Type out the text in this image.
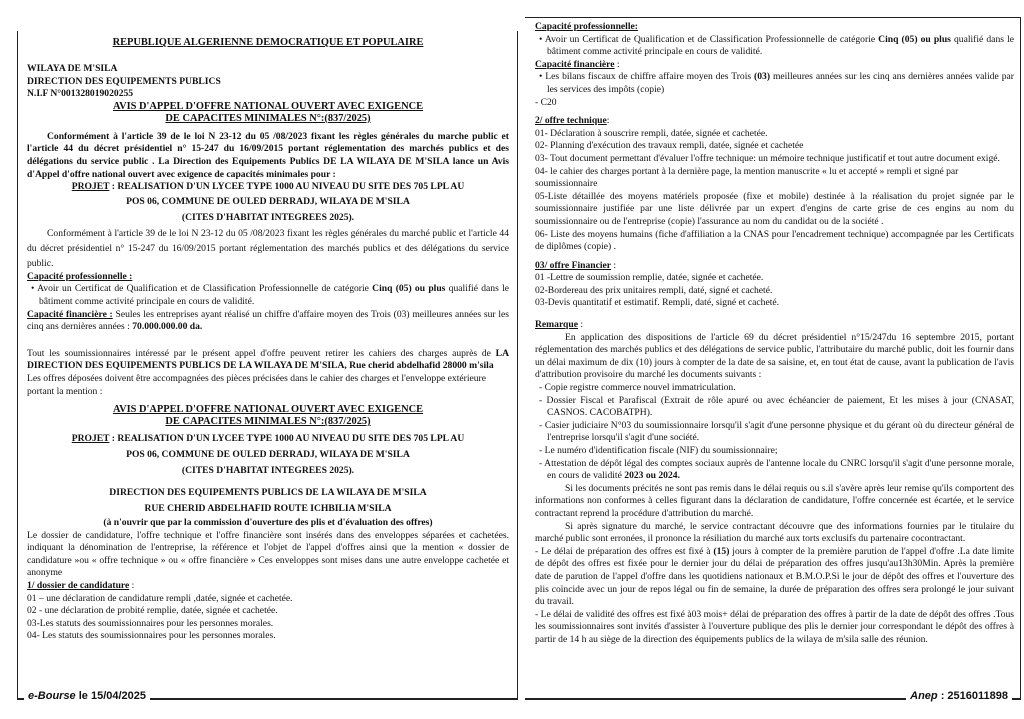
REPUBLIQUE ALGERIENNE DEMOCRATIQUE ET POPULAIRE

WILAYA DE M'SILA

DIRECTION DES EQUIPEMENTS PUBLICS

N.I.F N°001328019020255

AVIS D'APPEL D'OFFRE NATIONAL OUVERT AVEC EXIGENCE

DE CAPACITES MINIMALES N°:(837/2025)

Conformément à l'article 39 de le loi N 23-12 du 05 /08/2023 fixant les règles générales du marche public et l'article 44 du décret présidentiel n° 15-247 du 16/09/2015 portant réglementation des marchés publics et des délégations du service public . La Direction des Equipements Publics DE LA WILAYA DE M'SILA lance un Avis d'Appel d'offre national ouvert avec exigence de capacités minimales pour :

PROJET : REALISATION D'UN LYCEE TYPE 1000 AU NIVEAU DU SITE DES 705 LPL AU

POS 06, COMMUNE DE OULED DERRADJ, WILAYA DE M'SILA

(CITES D'HABITAT INTEGREES 2025).

Conformément à l'article 39 de le loi N 23-12 du 05 /08/2023 fixant les règles générales du marché public et l'article 44 du décret présidentiel n° 15-247 du 16/09/2015 portant réglementation des marchés publics et des délégations du service public.

Capacité professionnelle :

• Avoir un Certificat de Qualification et de Classification Professionnelle de catégorie Cinq (05) ou plus qualifié dans le bâtiment comme activité principale en cours de validité.

Capacité financière : Seules les entreprises ayant réalisé un chiffre d'affaire moyen des Trois (03) meilleures années sur les cinq ans dernières années : 70.000.000.00 da.

Tout les soumissionnaires intéressé par le présent appel d'offre peuvent retirer les cahiers des charges auprès de LA DIRECTION DES EQUIPEMENTS PUBLICS DE LA WILAYA DE M'SILA, Rue cherid abdelhafid 28000 m'sila

Les offres déposées doivent être accompagnées des pièces précisées dans le cahier des charges et l'enveloppe extérieure portant la mention :

AVIS D'APPEL D'OFFRE NATIONAL OUVERT AVEC EXIGENCE

DE CAPACITES MINIMALES N°:(837/2025)

PROJET : REALISATION D'UN LYCEE TYPE 1000 AU NIVEAU DU SITE DES 705 LPL AU

POS 06, COMMUNE DE OULED DERRADJ, WILAYA DE M'SILA

(CITES D'HABITAT INTEGREES 2025).

DIRECTION DES EQUIPEMENTS PUBLICS DE LA WILAYA DE M'SILA

RUE CHERID ABDELHAFID ROUTE ICHBILIA M'SILA

(à n'ouvrir que par la commission d'ouverture des plis et d'évaluation des offres)

Le dossier de candidature, l'offre technique et l'offre financière sont insérés dans des enveloppes séparées et cachetées. indiquant la dénomination de l'entreprise, la référence et l'objet de l'appel d'offres ainsi que la mention « dossier de candidature »ou « offre technique » ou « offre financière » Ces enveloppes sont mises dans une autre enveloppe cachetée et anonyme

1/ dossier de candidature :

01 – une déclaration de candidature rempli ,datée, signée et cachetée.

02 - une déclaration de probité remplie, datée, signée et cachetée.

03-Les statuts des soumissionnaires pour les personnes morales.

04- Les statuts des soumissionnaires pour les personnes morales.

Capacité professionnelle:

• Avoir un Certificat de Qualification et de Classification Professionnelle de catégorie Cinq (05) ou plus qualifié dans le bâtiment comme activité principale en cours de validité.

Capacité financière :

• Les bilans fiscaux de chiffre affaire moyen des Trois (03) meilleures années sur les cinq ans dernières années valide par les services des impôts (copie)

- C20

2/ offre technique:

01- Déclaration à souscrire rempli, datée, signée et cachetée.

02- Planning d'exécution des travaux rempli, datée, signée et cachetée

03- Tout document permettant d'évaluer l'offre technique: un mémoire technique justificatif et tout autre document exigé.

04- le cahier des charges portant à la dernière page, la mention manuscrite « lu et accepté » rempli et signé par soumissionnaire

05-Liste détaillée des moyens matériels proposée (fixe et mobile) destinée à la réalisation du projet signée par le soumissionnaire justifiée par une liste délivrée par un expert d'engins de carte grise de ces engins au nom du soumissionnaire ou de l'entreprise (copie) l'assurance au nom du candidat ou de la société .

06- Liste des moyens humains (fiche d'affiliation a la CNAS pour l'encadrement technique) accompagnée par les Certificats de diplômes (copie) .

03/ offre Financier :

01 -Lettre de soumission remplie, datée, signée et cachetée.

02-Bordereau des prix unitaires rempli, daté, signé et cacheté.

03-Devis quantitatif et estimatif. Rempli, daté, signé et cacheté.

Remarque :

En application des dispositions de l'article 69 du décret présidentiel n°15/247du 16 septembre 2015, portant réglementation des marchés publics et des délégations de service public, l'attributaire du marché public, doit les fournir dans un délai maximum de dix (10) jours à compter de la date de sa saisine, et, en tout état de cause, avant la publication de l'avis d'attribution provisoire du marché les documents suivants :

- Copie registre commerce nouvel immatriculation.

- Dossier Fiscal et Parafiscal (Extrait de rôle apuré ou avec échéancier de paiement, Et les mises à jour (CNASAT, CASNOS. CACOBATPH).

- Casier judiciaire N°03 du soumissionnaire lorsqu'il s'agit d'une personne physique et du gérant où du directeur général de l'entreprise lorsqu'il s'agit d'une société.

- Le numéro d'identification fiscale (NIF) du soumissionnaire;

- Attestation de dépôt légal des comptes sociaux auprès de l'antenne locale du CNRC lorsqu'il s'agit d'une personne morale, en cours de validité 2023 ou 2024.

Si les documents précités ne sont pas remis dans le délai requis ou s.il s'avère après leur remise qu'ils comportent des informations non conformes à celles figurant dans la déclaration de candidature, l'offre concernée est écartée, et le service contractant reprend la procédure d'attribution du marché.

Si après signature du marché, le service contractant découvre que des informations fournies par le titulaire du marché public sont erronées, il prononce la résiliation du marché aux torts exclusifs du partenaire cocontractant.

- Le délai de préparation des offres est fixé à (15) jours à compter de la première parution de l'appel d'offre .La date limite de dépôt des offres est fixée pour le dernier jour du délai de préparation des offres jusqu'au13h30Min. Après la première date de parution de l'appel d'offre dans les quotidiens nationaux et B.M.O.P.Si le jour de dépôt des offres et l'ouverture des plis coïncide avec un jour de repos légal ou fin de semaine, la durée de préparation des offres sera prolongé le jour suivant du travail.

- Le délai de validité des offres est fixé à03 mois+ délai de préparation des offres à partir de la date de dépôt des offres .Tous les soumissionnaires sont invités d'assister à l'ouverture publique des plis le dernier jour correspondant le dépôt des offres à partir de 14 h au siège de la direction des équipements publics de la wilaya de m'sila salle des réunion.

e-Bourse le 15/04/2025	Anep : 2516011898
